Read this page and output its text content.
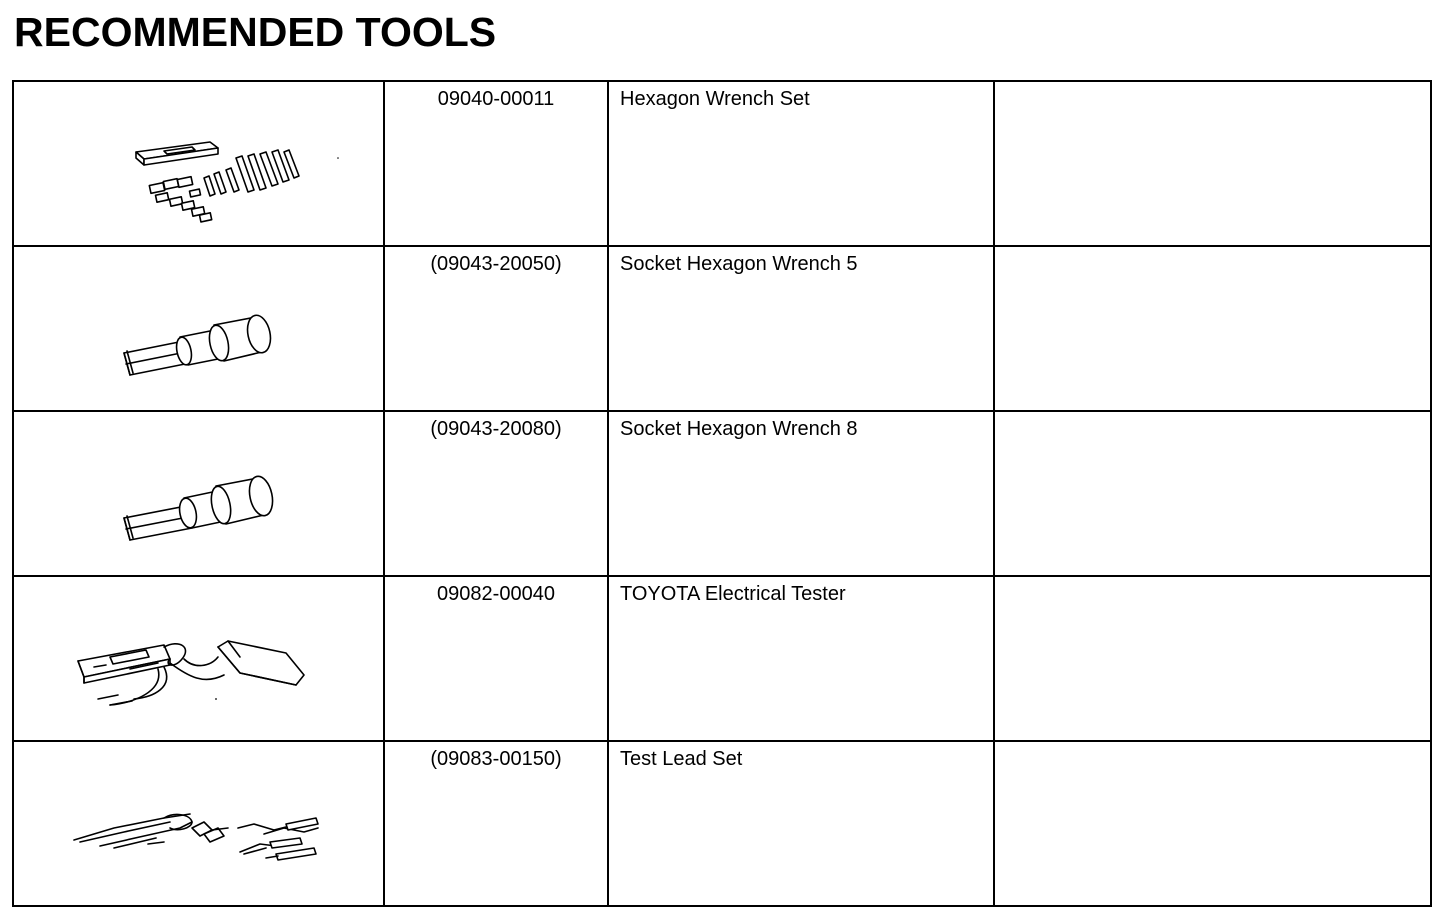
RECOMMENDED TOOLS
	09040-00011	Hexagon Wrench Set	

	(09043-20050)	Socket Hexagon Wrench 5	

	(09043-20080)	Socket Hexagon Wrench 8	

	09082-00040	TOYOTA Electrical Tester	

	(09083-00150)	Test Lead Set	
